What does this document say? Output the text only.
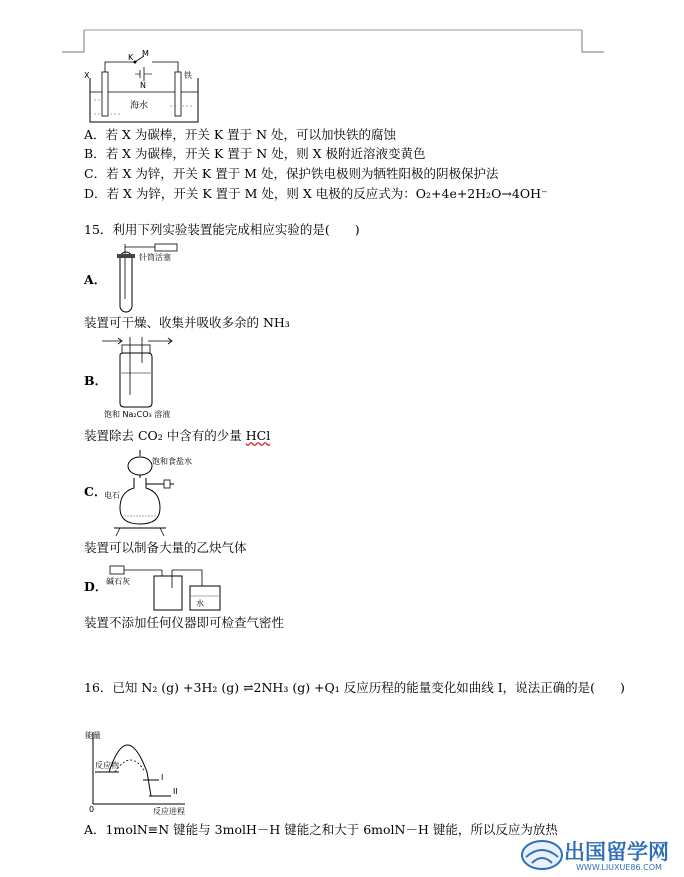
X
K M
N
铁
海水
A．若 X 为碳棒，开关 K 置于 N 处，可以加快铁的腐蚀
B．若 X 为碳棒，开关 K 置于 N 处，则 X 极附近溶液变黄色
C．若 X 为锌，开关 K 置于 M 处，保护铁电极则为牺牲阳极的阴极保护法
D．若 X 为锌，开关 K 置于 M 处，则 X 电极的反应式为：O₂+4e+2H₂O→4OH⁻
15．利用下列实验装置能完成相应实验的是(　　)
针筒活塞
A．
装置可干燥、收集并吸收多余的 NH₃
饱和 Na₂CO₃ 溶液
B．
装置除去 CO₂ 中含有的少量 HCl
饱和食盐水
电石
C．
装置可以制备大量的乙炔气体
碱石灰
水
D．
装置不添加任何仪器即可检查气密性
16．已知 N₂ (g) +3H₂ (g) ⇌2NH₃ (g) +Q₁ 反应历程的能量变化如曲线 I，说法正确的是(　　)
能量
反应物
I
II
0	反应进程
A．1molN≡N 键能与 3molH－H 键能之和大于 6molN－H 键能，所以反应为放热
出国留学网
WWW.LIUXUE86.COM
